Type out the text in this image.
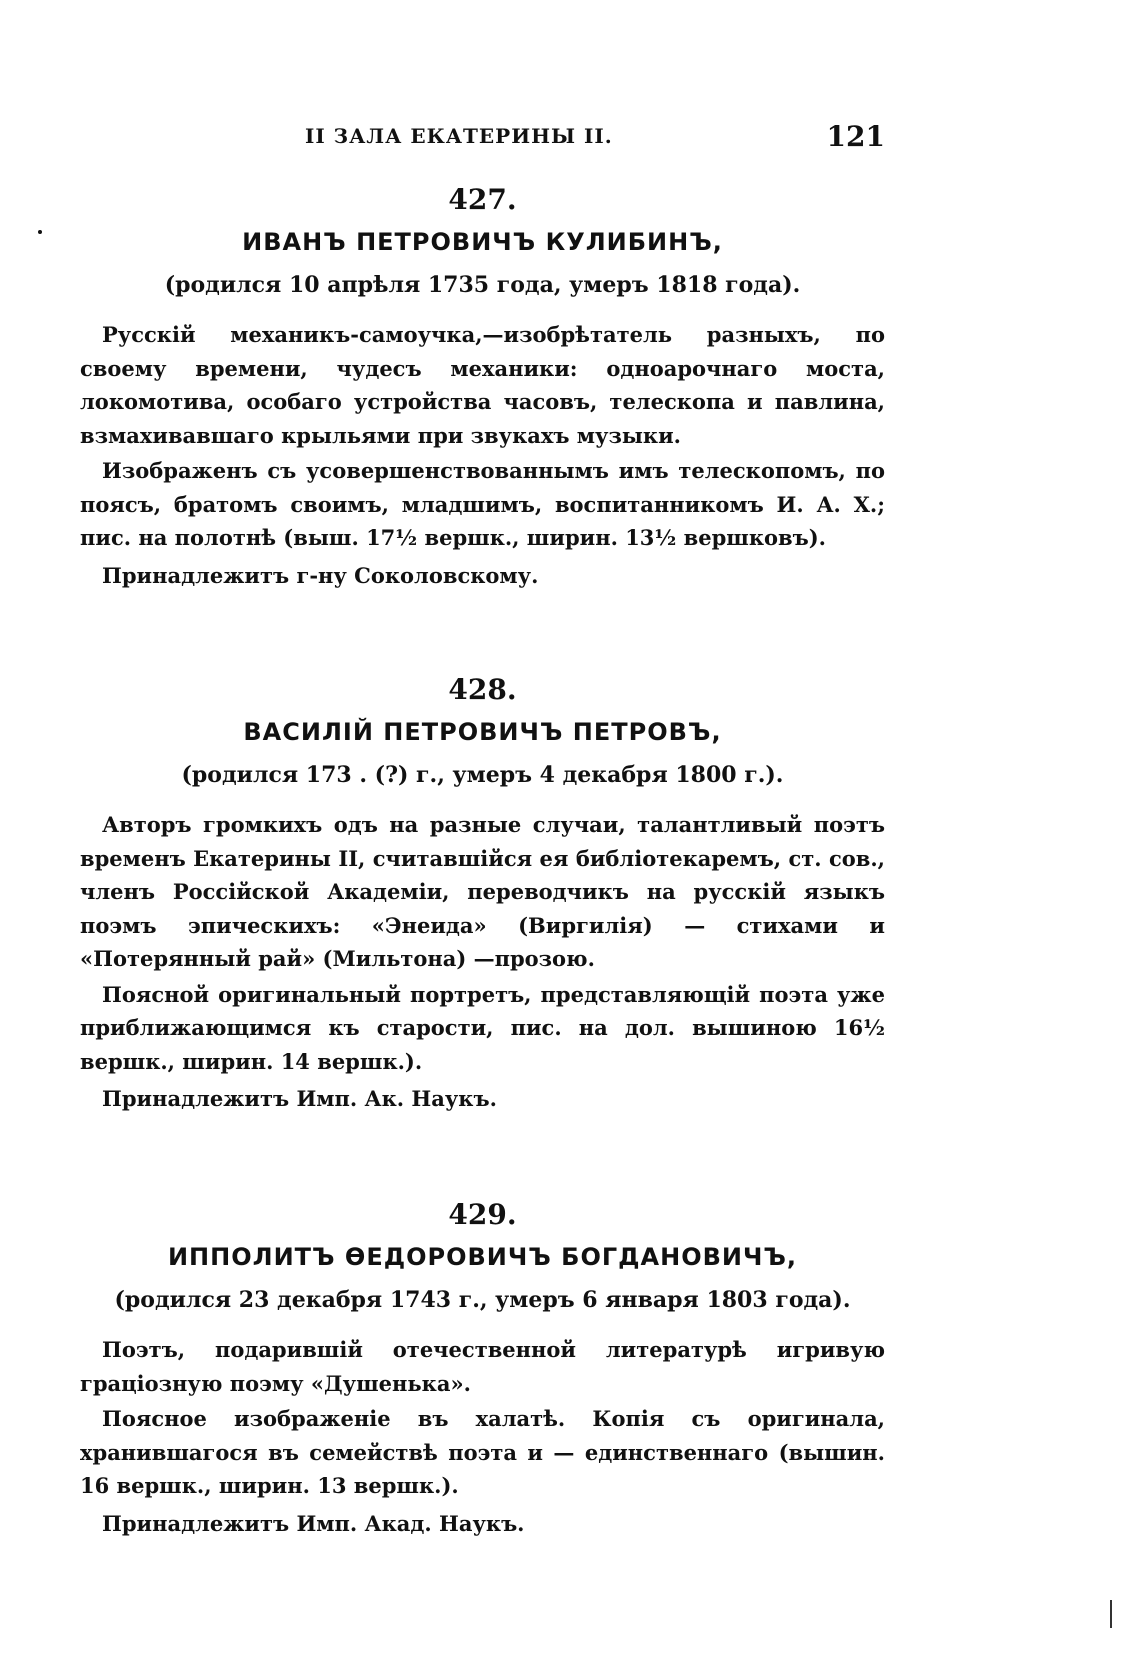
II ЗАЛА ЕКАТЕРИНЫ II.	121
427.
ИВАНЪ ПЕТРОВИЧЪ КУЛИБИНЪ,
(родился 10 апрѣля 1735 года, умеръ 1818 года).

Русскій механикъ-самоучка,—изобрѣтатель разныхъ, по своему времени, чудесъ механики: одноарочнаго моста, локомотива, особаго устройства часовъ, телескопа и павлина, взмахивавшаго крыльями при звукахъ музыки.

Изображенъ съ усовершенствованнымъ имъ телескопомъ, по поясъ, братомъ своимъ, младшимъ, воспитанникомъ И. А. Х.; пис. на полотнѣ (выш. 17½ вершк., ширин. 13½ вершковъ).

Принадлежитъ г-ну Соколовскому.
428.
ВАСИЛІЙ ПЕТРОВИЧЪ ПЕТРОВЪ,
(родился 173 . (?) г., умеръ 4 декабря 1800 г.).

Авторъ громкихъ одъ на разные случаи, талантливый поэтъ временъ Екатерины II, считавшійся ея библіотекаремъ, ст. сов., членъ Россійской Академіи, переводчикъ на русскій языкъ поэмъ эпическихъ: «Энеида» (Виргилія) — стихами и «Потерянный рай» (Мильтона) —прозою.

Поясной оригинальный портретъ, представляющій поэта уже приближающимся къ старости, пис. на дол. вышиною 16½ вершк., ширин. 14 вершк.).

Принадлежитъ Имп. Ак. Наукъ.
429.
ИППОЛИТЪ ѲЕДОРОВИЧЪ БОГДАНОВИЧЪ,
(родился 23 декабря 1743 г., умеръ 6 января 1803 года).

Поэтъ, подарившій отечественной литературѣ игривую граціозную поэму «Душенька».

Поясное изображеніе въ халатѣ. Копія съ оригинала, хранившагося въ семействѣ поэта и — единственнаго (вышин. 16 вершк., ширин. 13 вершк.).

Принадлежитъ Имп. Акад. Наукъ.
